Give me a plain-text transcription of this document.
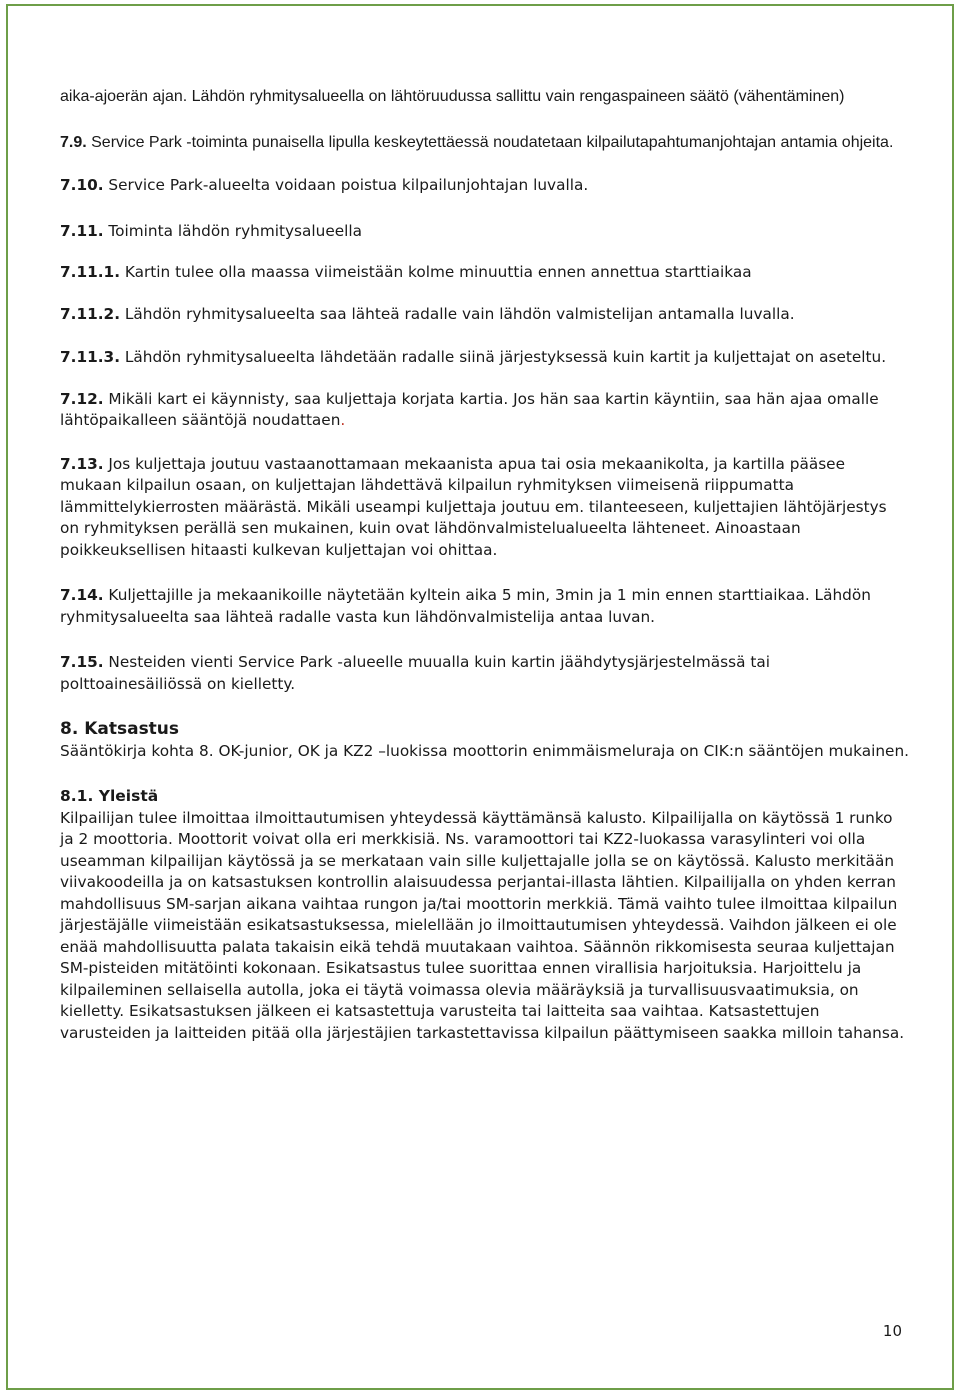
aika-ajoerän ajan. Lähdön ryhmitysalueella on lähtöruudussa sallittu vain rengaspaineen säätö (vähentäminen)

7.9. Service Park -toiminta punaisella lipulla keskeytettäessä noudatetaan kilpailutapahtumanjohtajan antamia ohjeita.

7.10. Service Park-alueelta voidaan poistua kilpailunjohtajan luvalla.

7.11. Toiminta lähdön ryhmitysalueella

7.11.1. Kartin tulee olla maassa viimeistään kolme minuuttia ennen annettua starttiaikaa

7.11.2. Lähdön ryhmitysalueelta saa lähteä radalle vain lähdön valmistelijan antamalla luvalla.

7.11.3. Lähdön ryhmitysalueelta lähdetään radalle siinä järjestyksessä kuin kartit ja kuljettajat on aseteltu.

7.12. Mikäli kart ei käynnisty, saa kuljettaja korjata kartia. Jos hän saa kartin käyntiin, saa hän ajaa omalle lähtöpaikalleen sääntöjä noudattaen.

7.13. Jos kuljettaja joutuu vastaanottamaan mekaanista apua tai osia mekaanikolta, ja kartilla pääsee mukaan kilpailun osaan, on kuljettajan lähdettävä kilpailun ryhmityksen viimeisenä riippumatta lämmittelykierrosten määrästä. Mikäli useampi kuljettaja joutuu em. tilanteeseen, kuljettajien lähtöjärjestys on ryhmityksen perällä sen mukainen, kuin ovat lähdönvalmistelualueelta lähteneet. Ainoastaan poikkeuksellisen hitaasti kulkevan kuljettajan voi ohittaa.

7.14. Kuljettajille ja mekaanikoille näytetään kyltein aika 5 min, 3min ja 1 min ennen starttiaikaa. Lähdön ryhmitysalueelta saa lähteä radalle vasta kun lähdönvalmistelija antaa luvan.

7.15. Nesteiden vienti Service Park -alueelle muualla kuin kartin jäähdytysjärjestelmässä tai polttoainesäiliössä on kielletty.

8. Katsastus

Sääntökirja kohta 8. OK-junior, OK ja KZ2 –luokissa moottorin enimmäismeluraja on CIK:n sääntöjen mukainen.

8.1. Yleistä

Kilpailijan tulee ilmoittaa ilmoittautumisen yhteydessä käyttämänsä kalusto. Kilpailijalla on käytössä 1 runko ja 2 moottoria. Moottorit voivat olla eri merkkisiä. Ns. varamoottori tai KZ2-luokassa varasylinteri voi olla useamman kilpailijan käytössä ja se merkataan vain sille kuljettajalle jolla se on käytössä. Kalusto merkitään viivakoodeilla ja on katsastuksen kontrollin alaisuudessa perjantai-illasta lähtien. Kilpailijalla on yhden kerran mahdollisuus SM-sarjan aikana vaihtaa rungon ja/tai moottorin merkkiä. Tämä vaihto tulee ilmoittaa kilpailun järjestäjälle viimeistään esikatsastuksessa, mielellään jo ilmoittautumisen yhteydessä. Vaihdon jälkeen ei ole enää mahdollisuutta palata takaisin eikä tehdä muutakaan vaihtoa. Säännön rikkomisesta seuraa kuljettajan SM-pisteiden mitätöinti kokonaan. Esikatsastus tulee suorittaa ennen virallisia harjoituksia. Harjoittelu ja kilpaileminen sellaisella autolla, joka ei täytä voimassa olevia määräyksiä ja turvallisuusvaatimuksia, on kielletty. Esikatsastuksen jälkeen ei katsastettuja varusteita tai laitteita saa vaihtaa. Katsastettujen varusteiden ja laitteiden pitää olla järjestäjien tarkastettavissa kilpailun päättymiseen saakka milloin tahansa.

10
